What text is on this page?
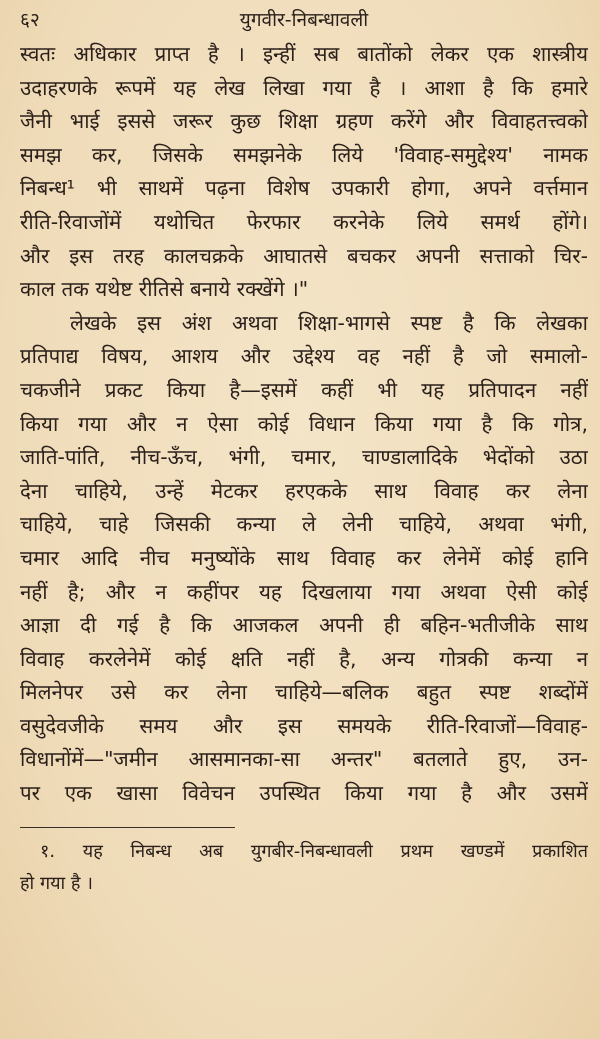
६२	युगवीर-निबन्धावली
स्वतः अधिकार प्राप्त है । इन्हीं सब बातोंको लेकर एक शास्त्रीय
उदाहरणके रूपमें यह लेख लिखा गया है । आशा है कि हमारे
जैनी भाई इससे जरूर कुछ शिक्षा ग्रहण करेंगे और विवाहतत्त्वको
समझ कर, जिसके समझनेके लिये 'विवाह-समुद्देश्य' नामक
निबन्ध¹ भी साथमें पढ़ना विशेष उपकारी होगा, अपने वर्त्तमान
रीति-रिवाजोंमें यथोचित फेरफार करनेके लिये समर्थ होंगे।
और इस तरह कालचक्रके आघातसे बचकर अपनी सत्ताको चिर-
काल तक यथेष्ट रीतिसे बनाये रक्खेंगे ।"
लेखके इस अंश अथवा शिक्षा-भागसे स्पष्ट है कि लेखका
प्रतिपाद्य विषय, आशय और उद्देश्य वह नहीं है जो समालो-
चकजीने प्रकट किया है—इसमें कहीं भी यह प्रतिपादन नहीं
किया गया और न ऐसा कोई विधान किया गया है कि गोत्र,
जाति-पांति, नीच-ऊँच, भंगी, चमार, चाण्डालादिके भेदोंको उठा
देना चाहिये, उन्हें मेटकर हरएकके साथ विवाह कर लेना
चाहिये, चाहे जिसकी कन्या ले लेनी चाहिये, अथवा भंगी,
चमार आदि नीच मनुष्योंके साथ विवाह कर लेनेमें कोई हानि
नहीं है; और न कहींपर यह दिखलाया गया अथवा ऐसी कोई
आज्ञा दी गई है कि आजकल अपनी ही बहिन-भतीजीके साथ
विवाह करलेनेमें कोई क्षति नहीं है, अन्य गोत्रकी कन्या न
मिलनेपर उसे कर लेना चाहिये—बलिक बहुत स्पष्ट शब्दोंमें
वसुदेवजीके समय और इस समयके रीति-रिवाजों—विवाह-
विधानोंमें—"जमीन आसमानका-सा अन्तर" बतलाते हुए, उन-
पर एक खासा विवेचन उपस्थित किया गया है और उसमें
१. यह निबन्ध अब युगबीर-निबन्धावली प्रथम खण्डमें प्रकाशित
हो गया है ।
